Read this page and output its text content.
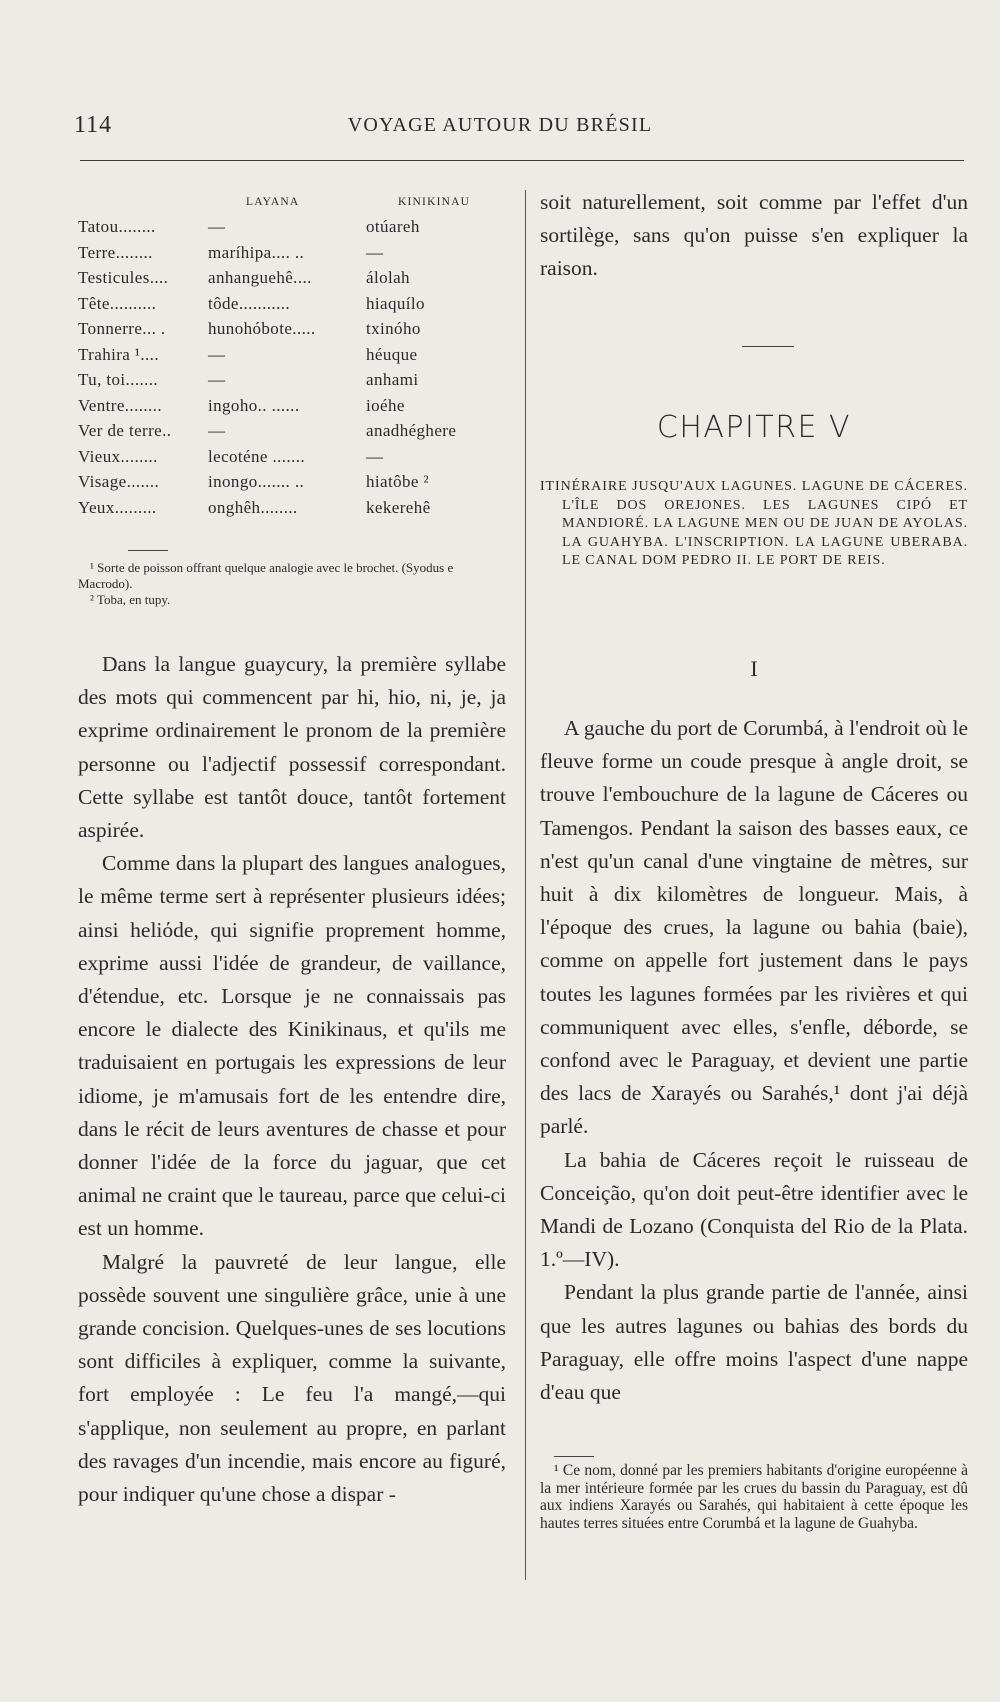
114	VOYAGE AUTOUR DU BRÉSIL
LAYANA	KINIKINAU
Tatou........	—	otúareh
Terre........	maríhipa.... ..	—
Testicules.... anhanguehê....	álolah
Tête..........	tôde...........	hiaquílo
Tonnerre... . hunohóbote.....	txinóho
Trahira ¹....	—	héuque
Tu, toi.......	—	anhami
Ventre........	ingoho.. ......	ioéhe
Ver de terre.. —	anadhéghere
Vieux........	lecoténe .......	—
Visage.......	inongo....... ..	hiatôbe ²
Yeux.........	onghêh........	kekerehê

¹ Sorte de poisson offrant quelque analogie avec le brochet. (Syodus e Macrodo).

² Toba, en tupy.

Dans la langue guaycury, la première syllabe des mots qui commencent par hi, hio, ni, je, ja exprime ordinairement le pronom de la première personne ou l'adjectif possessif correspondant. Cette syllabe est tantôt douce, tantôt fortement aspirée.

Comme dans la plupart des langues analogues, le même terme sert à représenter plusieurs idées; ainsi heliόde, qui signifie proprement homme, exprime aussi l'idée de grandeur, de vaillance, d'étendue, etc. Lorsque je ne connaissais pas encore le dialecte des Kinikinaus, et qu'ils me traduisaient en portugais les expressions de leur idiome, je m'amusais fort de les entendre dire, dans le récit de leurs aventures de chasse et pour donner l'idée de la force du jaguar, que cet animal ne craint que le taureau, parce que celui-ci est un homme.

Malgré la pauvreté de leur langue, elle possède souvent une singulière grâce, unie à une grande concision. Quelques-unes de ses locutions sont difficiles à expliquer, comme la suivante, fort employée : Le feu l'a mangé,—qui s'applique, non seulement au propre, en parlant des ravages d'un incendie, mais encore au figuré, pour indiquer qu'une chose a dispar -

soit naturellement, soit comme par l'effet d'un sortilège, sans qu'on puisse s'en expliquer la raison.

CHAPITRE V

ITINÉRAIRE JUSQU'AUX LAGUNES. LAGUNE DE CÁCERES. L'ÎLE DOS OREJONES. LES LAGUNES CIPÓ ET MANDIORÉ. LA LAGUNE MEN OU DE JUAN DE AYOLAS. LA GUAHYBA. L'INSCRIPTION. LA LAGUNE UBERABA. LE CANAL DOM PEDRO II. LE PORT DE REIS.

I

A gauche du port de Corumbá, à l'endroit où le fleuve forme un coude presque à angle droit, se trouve l'embouchure de la lagune de Cáceres ou Tamengos. Pendant la saison des basses eaux, ce n'est qu'un canal d'une vingtaine de mètres, sur huit à dix kilomètres de longueur. Mais, à l'époque des crues, la lagune ou bahia (baie), comme on appelle fort justement dans le pays toutes les lagunes formées par les rivières et qui communiquent avec elles, s'enfle, déborde, se confond avec le Paraguay, et devient une partie des lacs de Xarayés ou Sarahés,¹ dont j'ai déjà parlé.

La bahia de Cáceres reçoit le ruisseau de Conceição, qu'on doit peut-être identifier avec le Mandi de Lozano (Conquista del Rio de la Plata. 1.º—IV).

Pendant la plus grande partie de l'année, ainsi que les autres lagunes ou bahias des bords du Paraguay, elle offre moins l'aspect d'une nappe d'eau que

¹ Ce nom, donné par les premiers habitants d'origine européenne à la mer intérieure formée par les crues du bassin du Paraguay, est dû aux indiens Xarayés ou Sarahés, qui habitaient à cette époque les hautes terres situées entre Corumbá et la lagune de Guahyba.
